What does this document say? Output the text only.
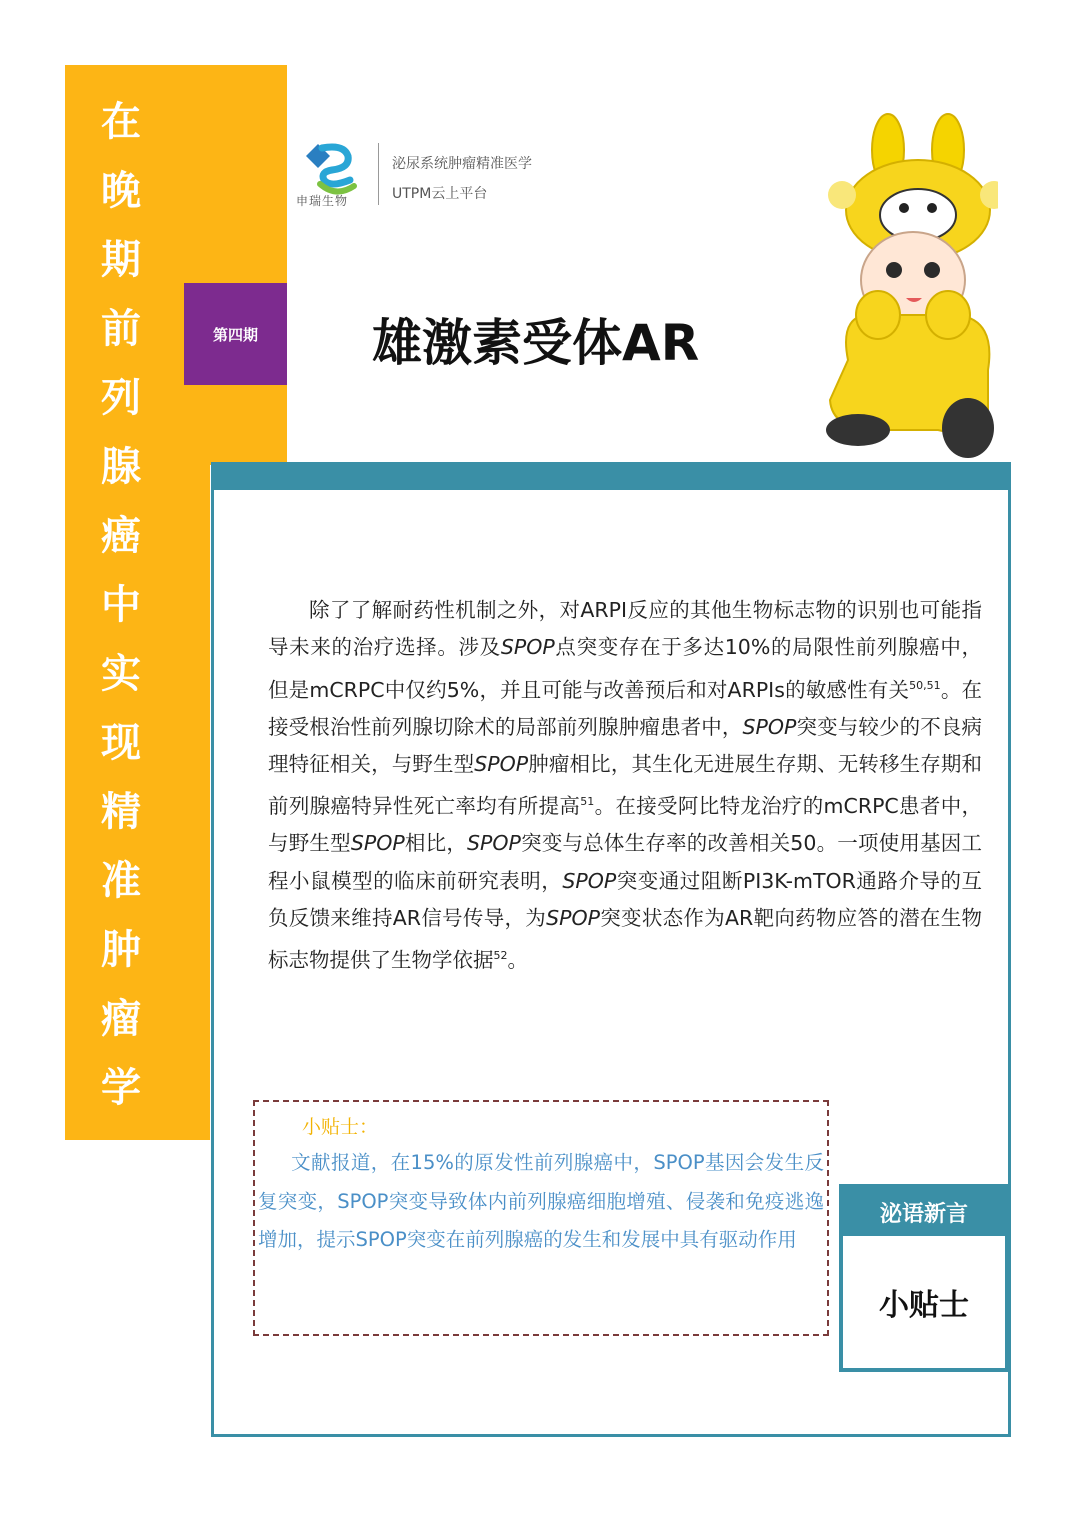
在
晚
期
前
列
腺
癌
中
实
现
精
准
肿
瘤
学
第四期
申瑞生物
泌尿系统肿瘤精准医学
UTPM云上平台
雄激素受体AR

除了了解耐药性机制之外，对ARPI反应的其他生物标志物的识别也可能指导未来的治疗选择。涉及SPOP点突变存在于多达10%的局限性前列腺癌中，但是mCRPC中仅约5%，并且可能与改善预后和对ARPIs的敏感性有关$^{50,51}$。在接受根治性前列腺切除术的局部前列腺肿瘤患者中，SPOP突变与较少的不良病理特征相关，与野生型SPOP肿瘤相比，其生化无进展生存期、无转移生存期和前列腺癌特异性死亡率均有所提高$^{51}$。在接受阿比特龙治疗的mCRPC患者中，与野生型SPOP相比，SPOP突变与总体生存率的改善相关50。一项使用基因工程小鼠模型的临床前研究表明，SPOP突变通过阻断PI3K-mTOR通路介导的互负反馈来维持AR信号传导，为SPOP突变状态作为AR靶向药物应答的潜在生物标志物提供了生物学依据$^{52}$。

小贴士：

文献报道，在15%的原发性前列腺癌中，SPOP基因会发生反复突变，SPOP突变导致体内前列腺癌细胞增殖、侵袭和免疫逃逸增加，提示SPOP突变在前列腺癌的发生和发展中具有驱动作用

泌语新言
小贴士
